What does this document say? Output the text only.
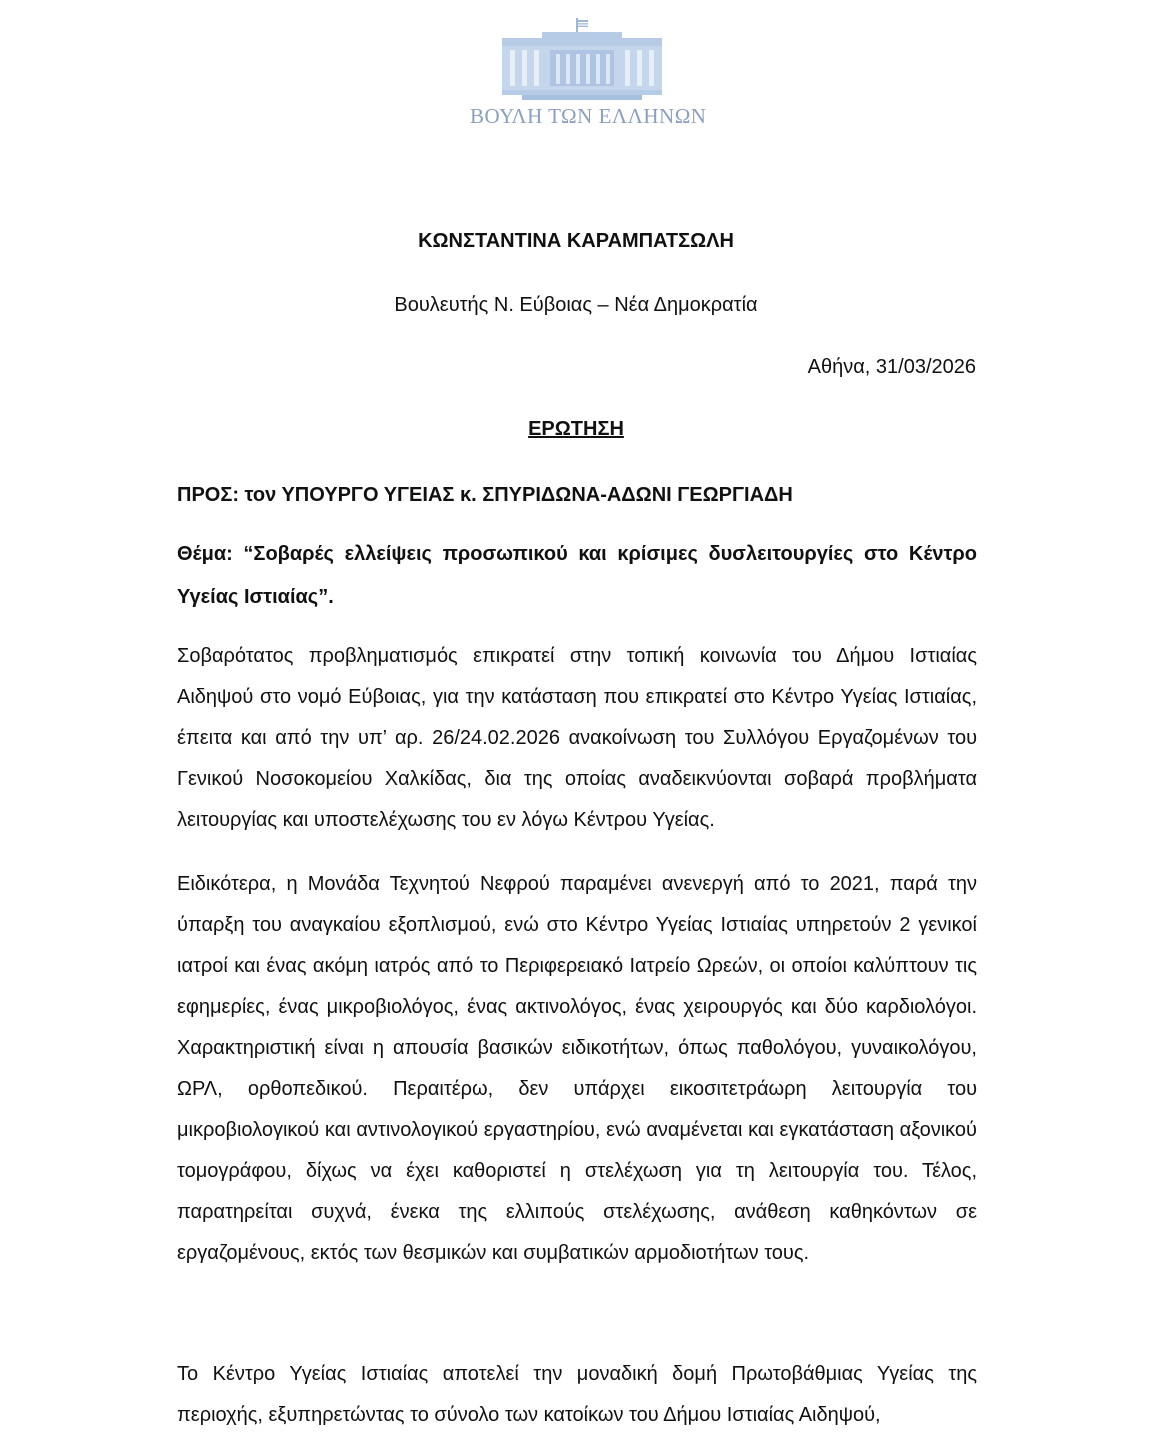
ΒΟΥΛΗ ΤΩΝ ΕΛΛΗΝΩΝ
ΚΩΝΣΤΑΝΤΙΝΑ ΚΑΡΑΜΠΑΤΣΩΛΗ
Βουλευτής Ν. Εύβοιας – Νέα Δημοκρατία
Αθήνα, 31/03/2026
ΕΡΩΤΗΣΗ
ΠΡΟΣ: τον ΥΠΟΥΡΓΟ ΥΓΕΙΑΣ κ. ΣΠΥΡΙΔΩΝΑ-ΑΔΩΝΙ ΓΕΩΡΓΙΑΔΗ
Θέμα: “Σοβαρές ελλείψεις προσωπικού και κρίσιμες δυσλειτουργίες στο Κέντρο Υγείας Ιστιαίας”.
Σοβαρότατος προβληματισμός επικρατεί στην τοπική κοινωνία του Δήμου Ιστιαίας Αιδηψού στο νομό Εύβοιας, για την κατάσταση που επικρατεί στο Κέντρο Υγείας Ιστιαίας, έπειτα και από την υπ’ αρ. 26/24.02.2026 ανακοίνωση του Συλλόγου Εργαζομένων του Γενικού Νοσοκομείου Χαλκίδας, δια της οποίας αναδεικνύονται σοβαρά προβλήματα λειτουργίας και υποστελέχωσης του εν λόγω Κέντρου Υγείας.
Ειδικότερα, η Μονάδα Τεχνητού Νεφρού παραμένει ανενεργή από το 2021, παρά την ύπαρξη του αναγκαίου εξοπλισμού, ενώ στο Κέντρο Υγείας Ιστιαίας υπηρετούν 2 γενικοί ιατροί και ένας ακόμη ιατρός από το Περιφερειακό Ιατρείο Ωρεών, οι οποίοι καλύπτουν τις εφημερίες, ένας μικροβιολόγος, ένας ακτινολόγος, ένας χειρουργός και δύο καρδιολόγοι. Χαρακτηριστική είναι η απουσία βασικών ειδικοτήτων, όπως παθολόγου, γυναικολόγου, ΩΡΛ, ορθοπεδικού. Περαιτέρω, δεν υπάρχει εικοσιτετράωρη λειτουργία του μικροβιολογικού και αντινολογικού εργαστηρίου, ενώ αναμένεται και εγκατάσταση αξονικού τομογράφου, δίχως να έχει καθοριστεί η στελέχωση για τη λειτουργία του. Τέλος, παρατηρείται συχνά, ένεκα της ελλιπούς στελέχωσης, ανάθεση καθηκόντων σε εργαζομένους, εκτός των θεσμικών και συμβατικών αρμοδιοτήτων τους.
Το Κέντρο Υγείας Ιστιαίας αποτελεί την μοναδική δομή Πρωτοβάθμιας Υγείας της περιοχής, εξυπηρετώντας το σύνολο των κατοίκων του Δήμου Ιστιαίας Αιδηψού,
